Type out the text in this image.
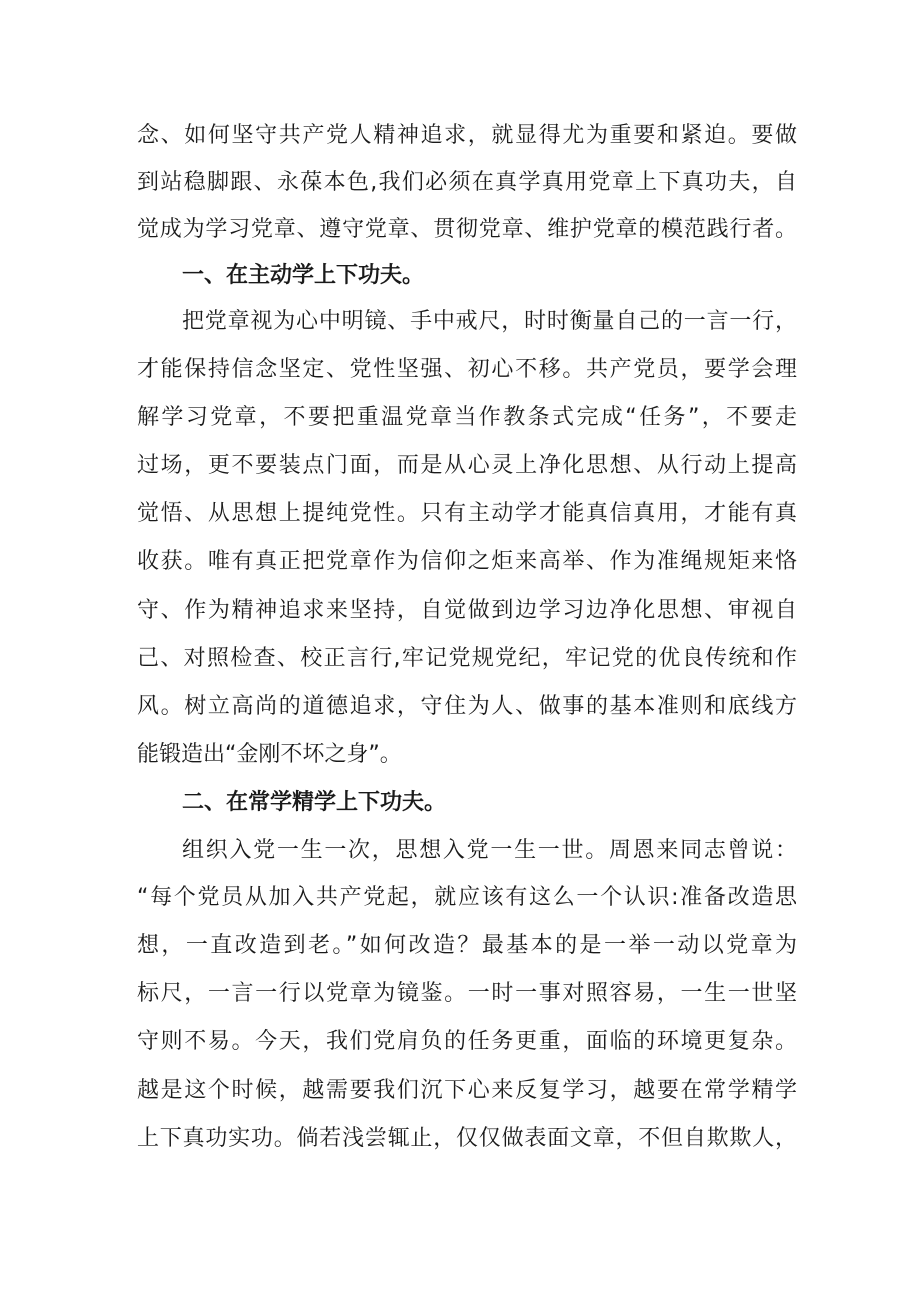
念、如何坚守共产党人精神追求，就显得尤为重要和紧迫。要做
到站稳脚跟、永葆本色,我们必须在真学真用党章上下真功夫，自
觉成为学习党章、遵守党章、贯彻党章、维护党章的模范践行者。
一、在主动学上下功夫。
把党章视为心中明镜、手中戒尺，时时衡量自己的一言一行，
才能保持信念坚定、党性坚强、初心不移。共产党员，要学会理
解学习党章，不要把重温党章当作教条式完成“任务”，不要走
过场，更不要装点门面，而是从心灵上净化思想、从行动上提高
觉悟、从思想上提纯党性。只有主动学才能真信真用，才能有真
收获。唯有真正把党章作为信仰之炬来高举、作为准绳规矩来恪
守、作为精神追求来坚持，自觉做到边学习边净化思想、审视自
己、对照检查、校正言行,牢记党规党纪，牢记党的优良传统和作
风。树立高尚的道德追求，守住为人、做事的基本准则和底线方
能锻造出“金刚不坏之身”。
二、在常学精学上下功夫。
组织入党一生一次，思想入党一生一世。周恩来同志曾说：
“每个党员从加入共产党起，就应该有这么一个认识:准备改造思
想，一直改造到老。”如何改造？最基本的是一举一动以党章为
标尺，一言一行以党章为镜鉴。一时一事对照容易，一生一世坚
守则不易。今天，我们党肩负的任务更重，面临的环境更复杂。
越是这个时候，越需要我们沉下心来反复学习，越要在常学精学
上下真功实功。倘若浅尝辄止，仅仅做表面文章，不但自欺欺人，
